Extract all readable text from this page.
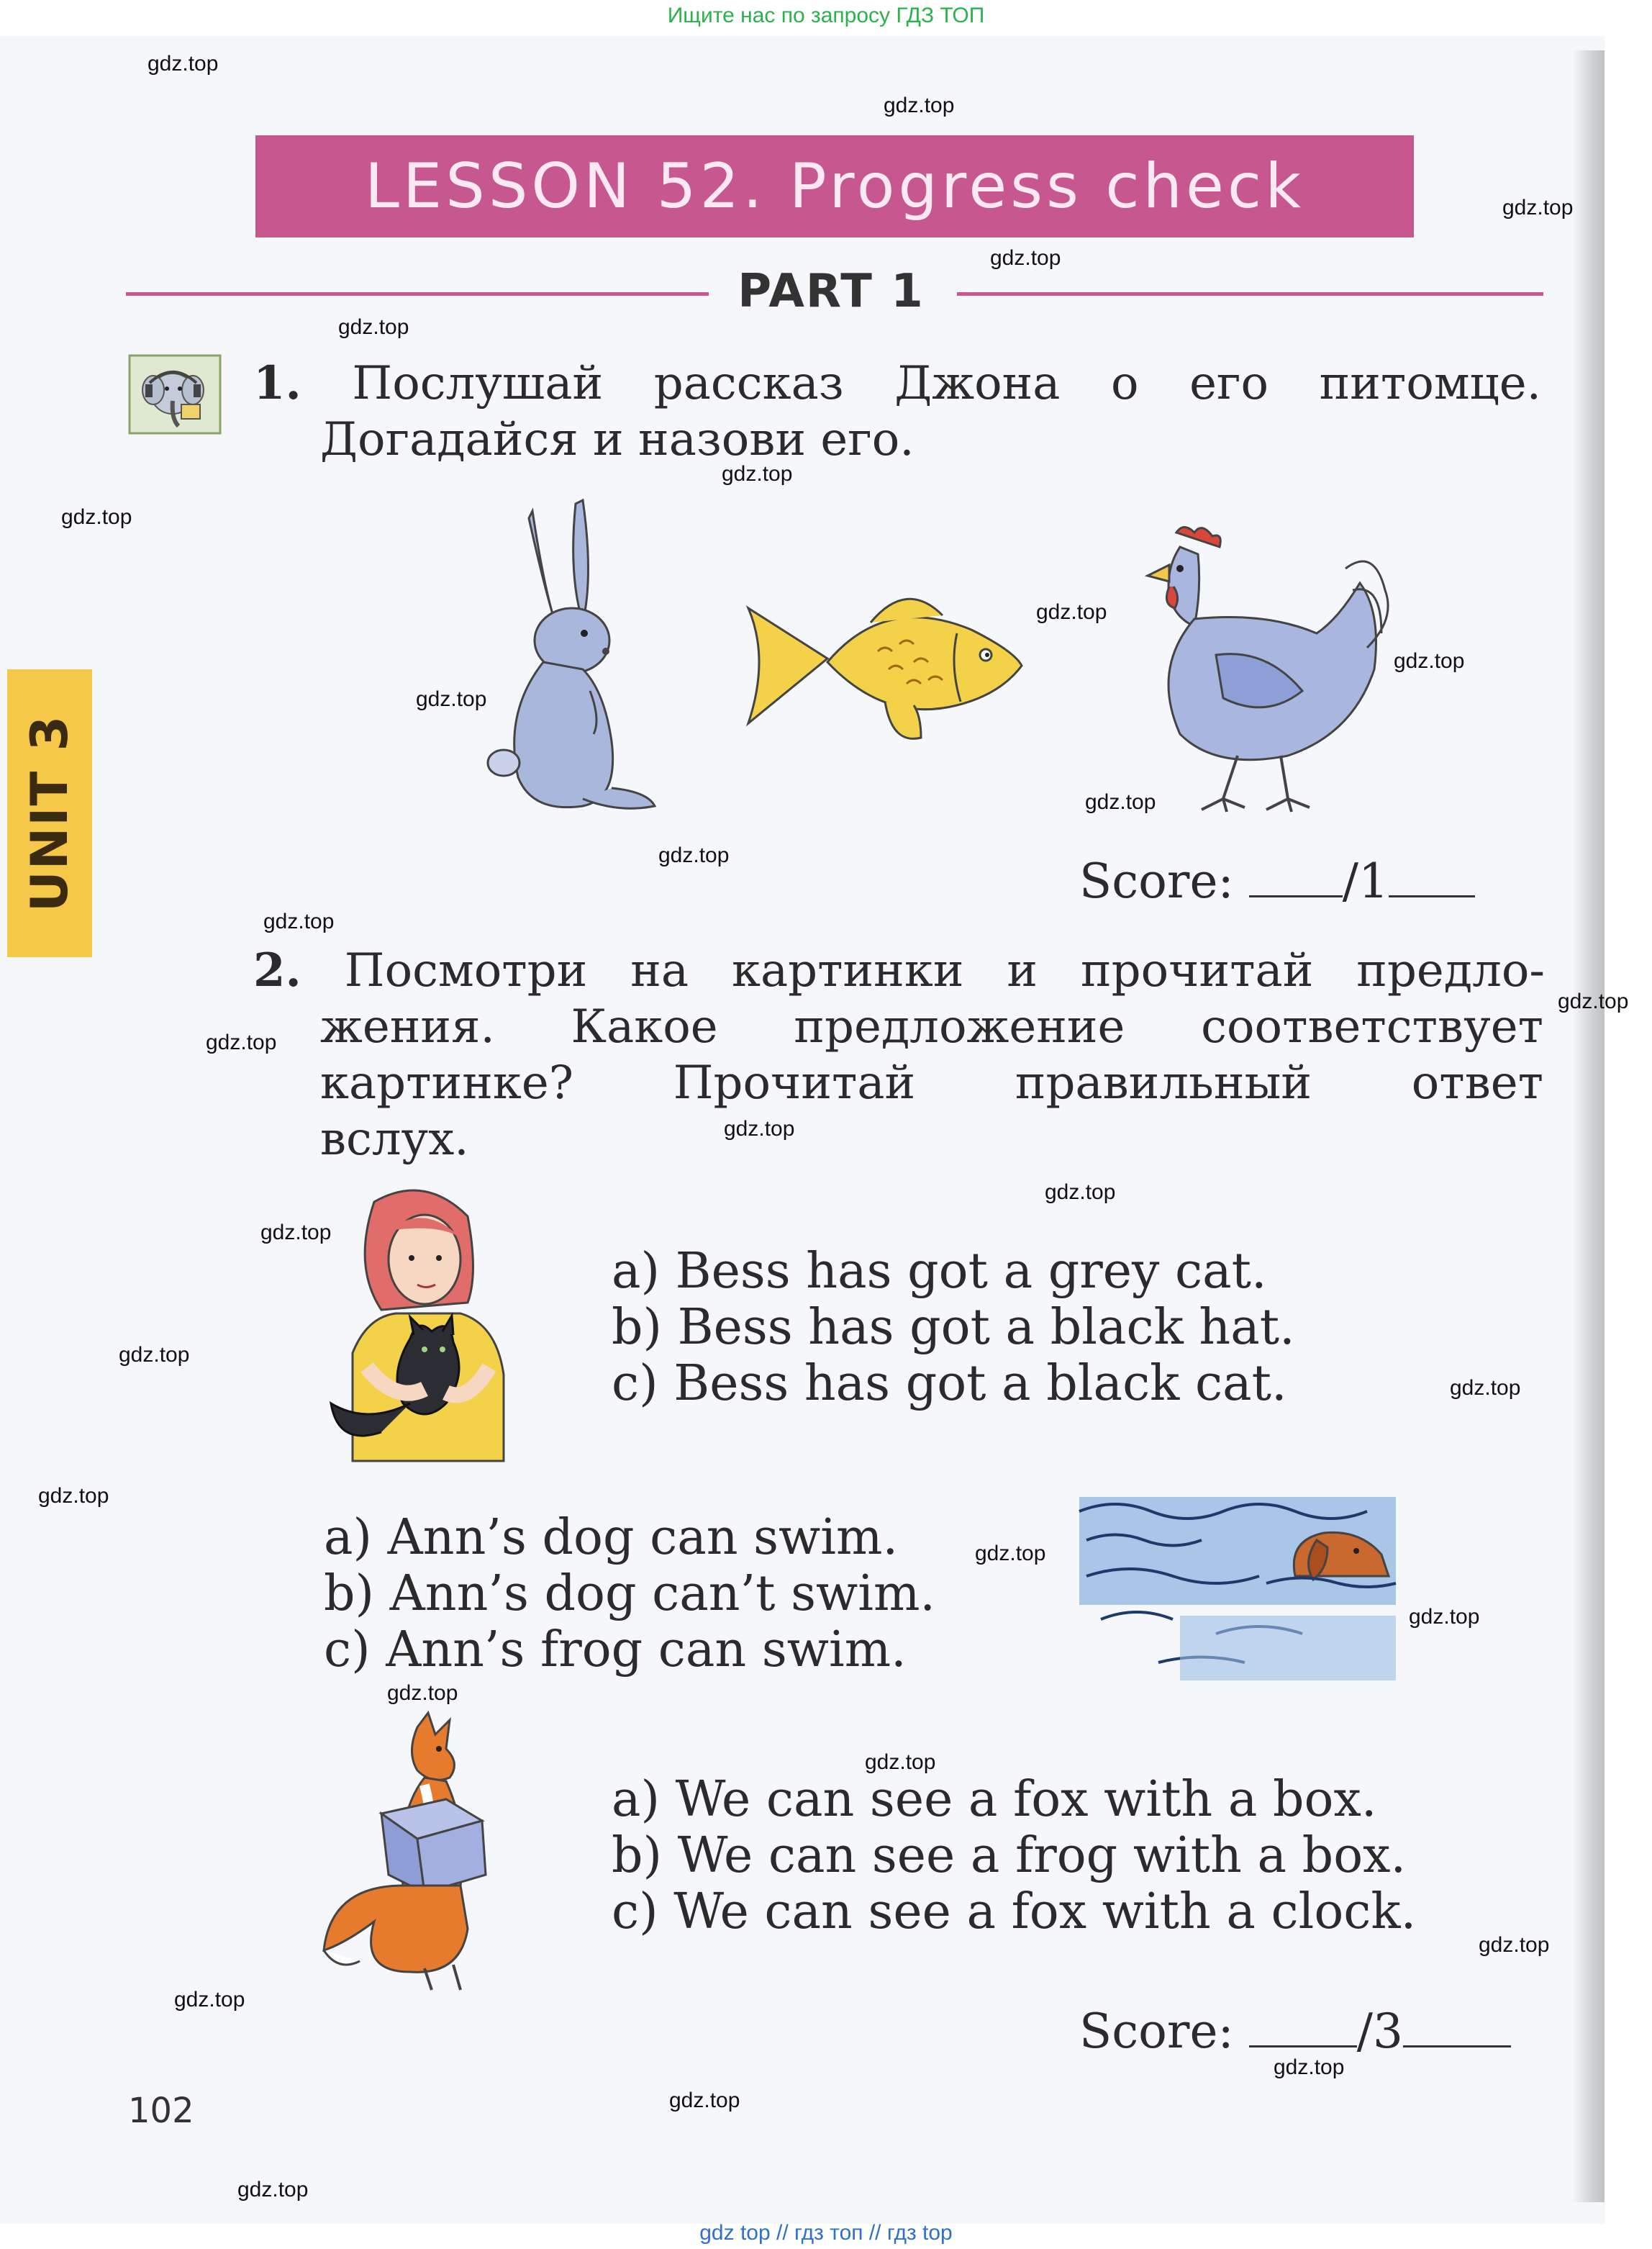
Ищите нас по запросу ГДЗ ТОП
LESSON 52. Progress check
PART 1
UNIT 3
1. Послушай рассказ Джона о его питомце.
Догадайся и назови его.
Score: /1
2. Посмотри на картинки и прочитай предло-
жения. Какое предложение соответствует
картинке? Прочитай правильный ответ
вслух.
a) Bess has got a grey cat.
b) Bess has got a black hat.
c) Bess has got a black cat.
a) Ann’s dog can swim.
b) Ann’s dog can’t swim.
c) Ann’s frog can swim.
a) We can see a fox with a box.
b) We can see a frog with a box.
c) We can see a fox with a clock.
Score:	/3
102
gdz.top
gdz.top
gdz.top
gdz.top
gdz.top
gdz.top
gdz.top
gdz.top
gdz.top
gdz.top
gdz.top
gdz.top
gdz.top
gdz.top
gdz.top
gdz.top
gdz.top
gdz.top
gdz.top
gdz.top
gdz.top
gdz.top
gdz.top
gdz.top
gdz.top
gdz.top
gdz.top
gdz.top
gdz.top
gdz.top
gdz top // гдз топ // гдз top
